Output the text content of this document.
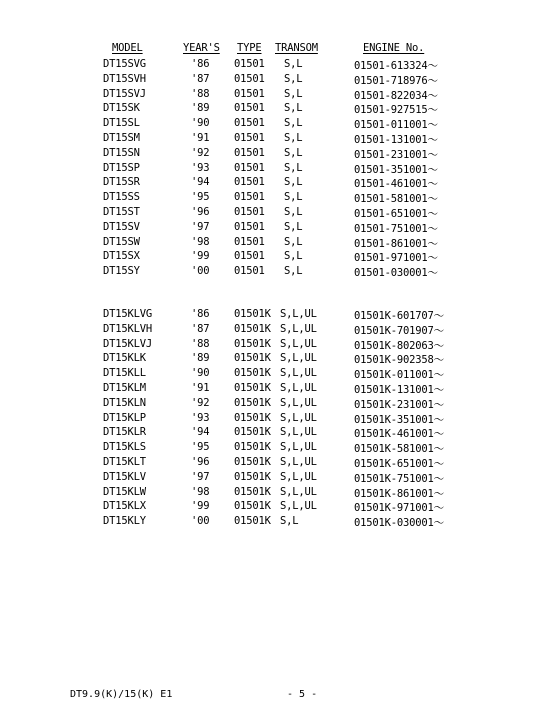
MODEL	YEAR'S TYPE TRANSOM	ENGINE No.
DT15SVG	'86 01501 S,L	01501-613324～
DT15SVH	'87 01501 S,L	01501-718976～
DT15SVJ	'88 01501 S,L	01501-822034～
DT15SK	'89 01501 S,L	01501-927515～
DT15SL	'90 01501 S,L	01501-011001～
DT15SM	'91 01501 S,L	01501-131001～
DT15SN	'92 01501 S,L	01501-231001～
DT15SP	'93 01501 S,L	01501-351001～
DT15SR	'94 01501 S,L	01501-461001～
DT15SS	'95 01501 S,L	01501-581001～
DT15ST	'96 01501 S,L	01501-651001～
DT15SV	'97 01501 S,L	01501-751001～
DT15SW	'98 01501 S,L	01501-861001～
DT15SX	'99 01501 S,L	01501-971001～
DT15SY	'00 01501 S,L	01501-030001～
DT15KLVG	'86 01501K S,L,UL	01501K-601707～
DT15KLVH	'87 01501K S,L,UL	01501K-701907～
DT15KLVJ	'88 01501K S,L,UL	01501K-802063～
DT15KLK	'89 01501K S,L,UL	01501K-902358～
DT15KLL	'90 01501K S,L,UL	01501K-011001～
DT15KLM	'91 01501K S,L,UL	01501K-131001～
DT15KLN	'92 01501K S,L,UL	01501K-231001～
DT15KLP	'93 01501K S,L,UL	01501K-351001～
DT15KLR	'94 01501K S,L,UL	01501K-461001～
DT15KLS	'95 01501K S,L,UL	01501K-581001～
DT15KLT	'96 01501K S,L,UL	01501K-651001～
DT15KLV	'97 01501K S,L,UL	01501K-751001～
DT15KLW	'98 01501K S,L,UL	01501K-861001～
DT15KLX	'99 01501K S,L,UL	01501K-971001～
DT15KLY	'00 01501K S,L	01501K-030001～
DT9.9(K)/15(K) E1	- 5 -
